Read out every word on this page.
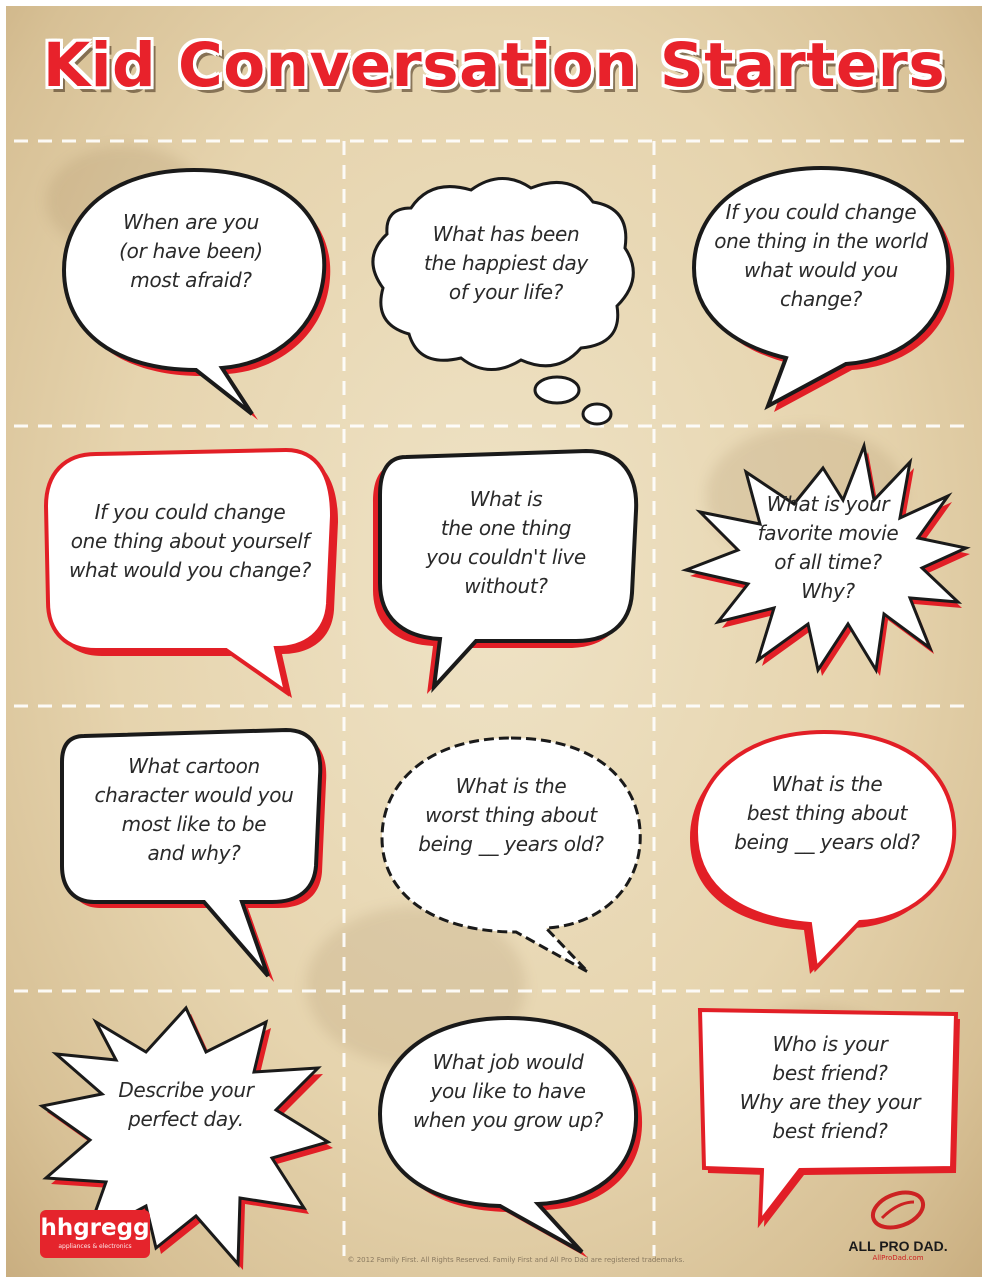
Kid Conversation Starters
When are you
(or have been)
most afraid?
What has been
the happiest day
of your life?
If you could change
one thing in the world
what would you
change?
If you could change
one thing about yourself
what would you change?
What is
the one thing
you couldn't live
without?
What is your
favorite movie
of all time?
Why?
What cartoon
character would you
most like to be
and why?
What is the
worst thing about
being __ years old?
What is the
best thing about
being __ years old?
Describe your
perfect day.
What job would
you like to have
when you grow up?
Who is your
best friend?
Why are they your
best friend?
hhgregg
appliances & electronics	ALL PRO DAD.
AllProDad.com
© 2012 Family First. All Rights Reserved. Family First and All Pro Dad are registered trademarks.
